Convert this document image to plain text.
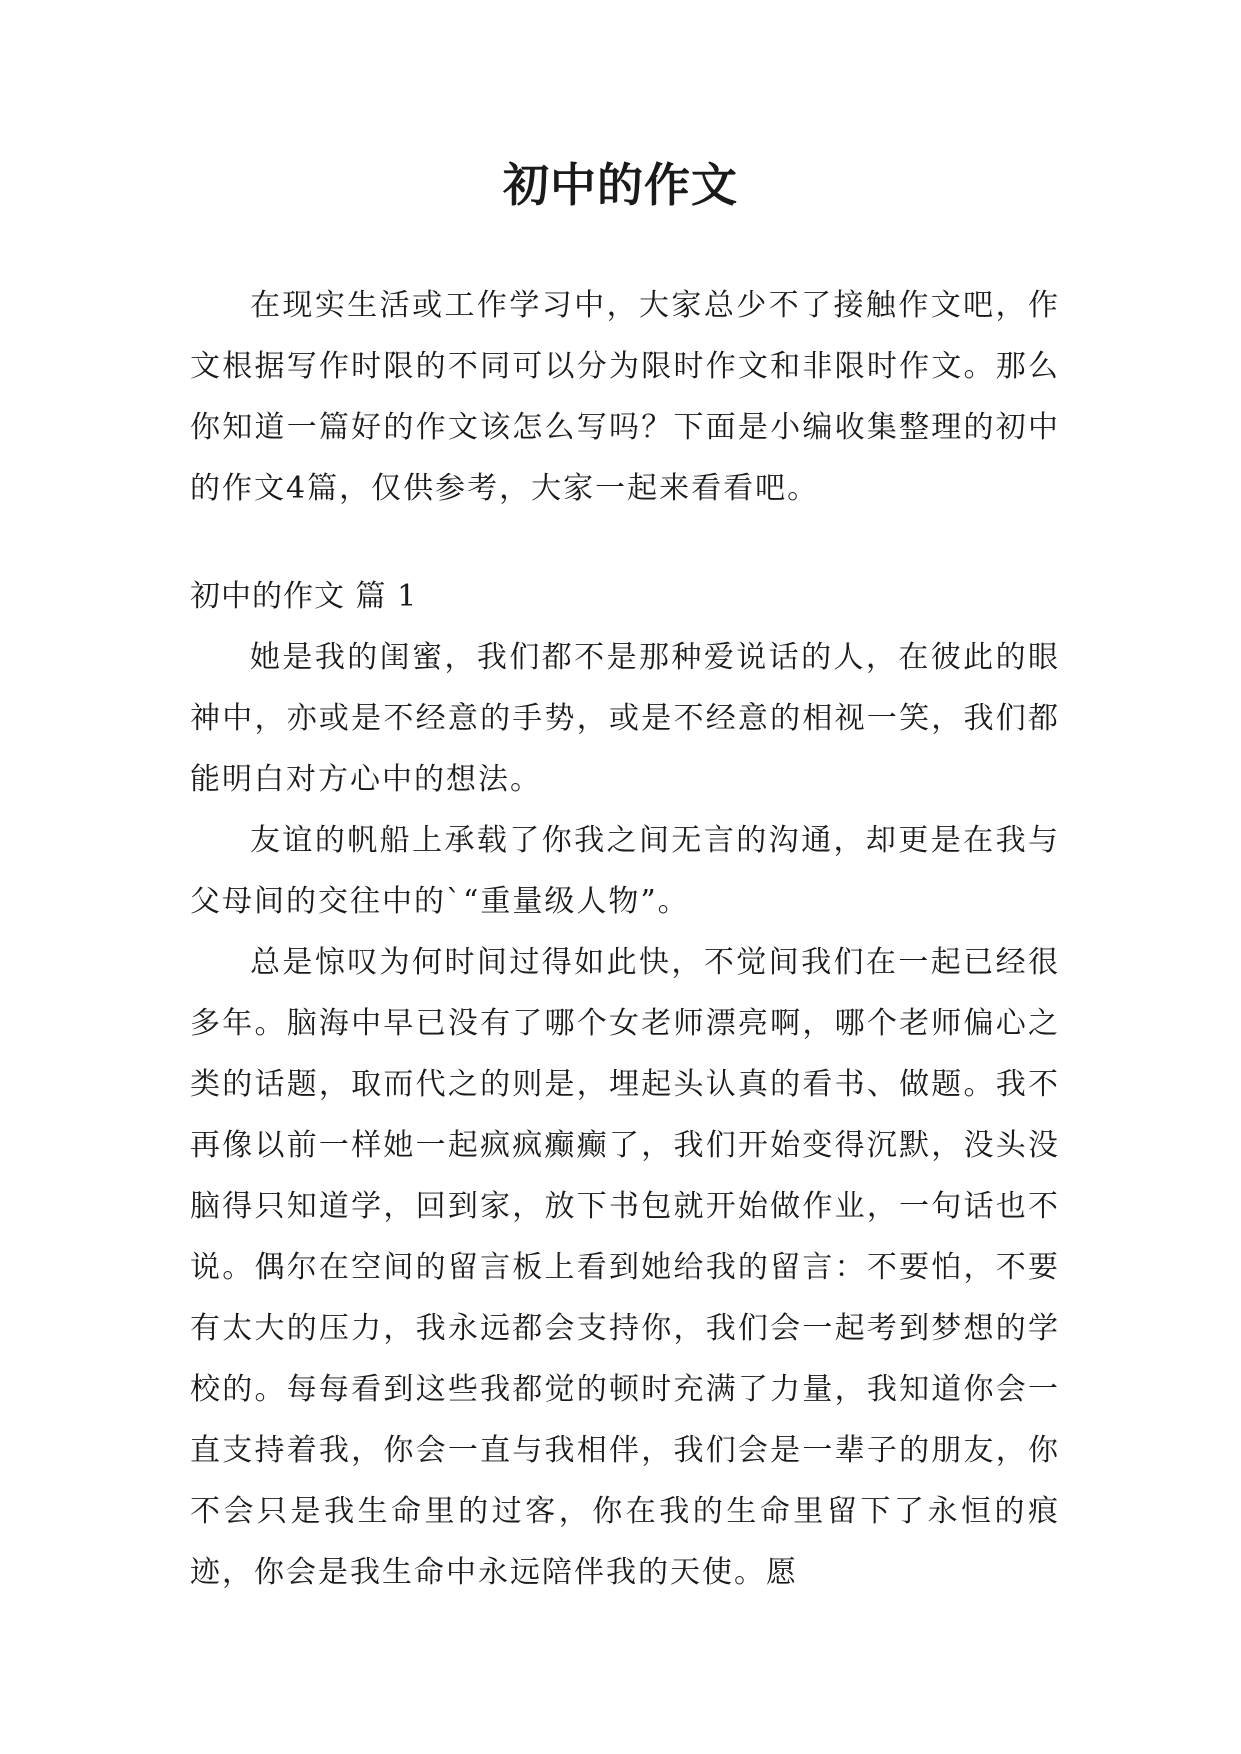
初中的作文

在现实生活或工作学习中，大家总少不了接触作文吧，作文根据写作时限的不同可以分为限时作文和非限时作文。那么你知道一篇好的作文该怎么写吗？下面是小编收集整理的初中的作文4篇，仅供参考，大家一起来看看吧。

初中的作文 篇 1

她是我的闺蜜，我们都不是那种爱说话的人，在彼此的眼神中，亦或是不经意的手势，或是不经意的相视一笑，我们都能明白对方心中的想法。

友谊的帆船上承载了你我之间无言的沟通，却更是在我与父母间的交往中的`“重量级人物”。

总是惊叹为何时间过得如此快，不觉间我们在一起已经很多年。脑海中早已没有了哪个女老师漂亮啊，哪个老师偏心之类的话题，取而代之的则是，埋起头认真的看书、做题。我不再像以前一样她一起疯疯癫癫了，我们开始变得沉默，没头没脑得只知道学，回到家，放下书包就开始做作业，一句话也不说。偶尔在空间的留言板上看到她给我的留言：不要怕，不要有太大的压力，我永远都会支持你，我们会一起考到梦想的学校的。每每看到这些我都觉的顿时充满了力量，我知道你会一直支持着我，你会一直与我相伴，我们会是一辈子的朋友，你不会只是我生命里的过客，你在我的生命里留下了永恒的痕迹，你会是我生命中永远陪伴我的天使。愿
